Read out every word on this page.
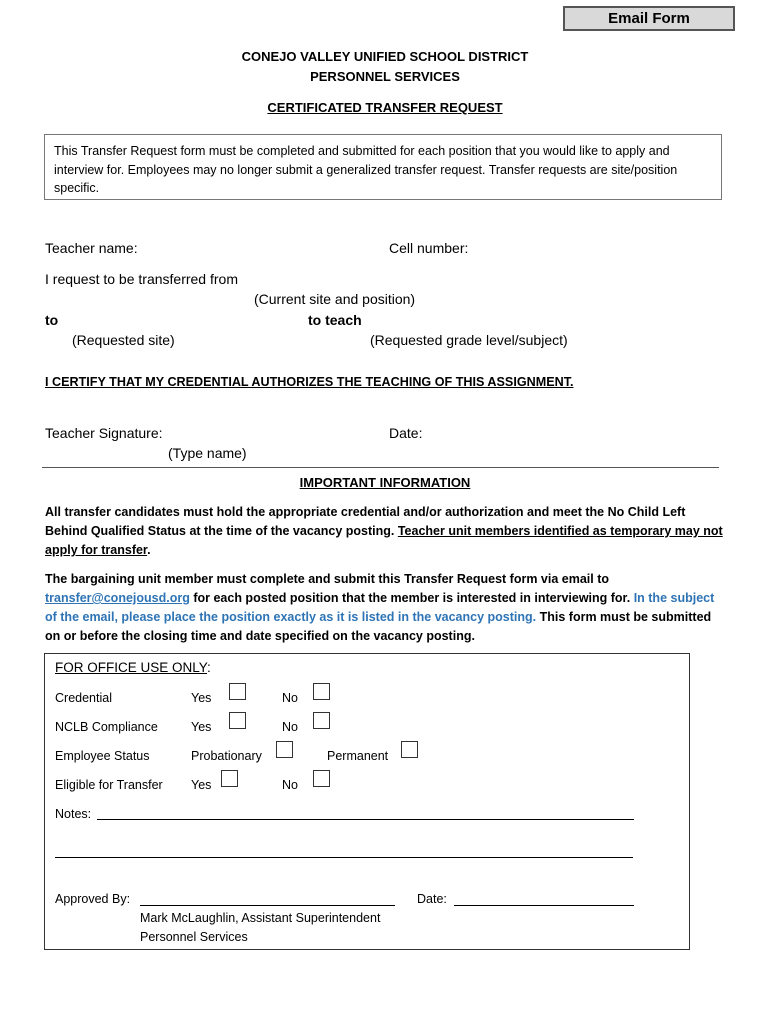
Email Form
CONEJO VALLEY UNIFIED SCHOOL DISTRICT
PERSONNEL SERVICES
CERTIFICATED TRANSFER REQUEST
This Transfer Request form must be completed and submitted for each position that you would like to apply and interview for. Employees may no longer submit a generalized transfer request. Transfer requests are site/position specific.
Teacher name:	Cell number:
I request to be transferred from
(Current site and position)
to	to teach
(Requested site)	(Requested grade level/subject)
I CERTIFY THAT MY CREDENTIAL AUTHORIZES THE TEACHING OF THIS ASSIGNMENT.
Teacher Signature:	Date:
(Type name)
IMPORTANT INFORMATION
All transfer candidates must hold the appropriate credential and/or authorization and meet the No Child Left Behind Qualified Status at the time of the vacancy posting. Teacher unit members identified as temporary may not apply for transfer.
The bargaining unit member must complete and submit this Transfer Request form via email to transfer@conejousd.org for each posted position that the member is interested in interviewing for. In the subject of the email, please place the position exactly as it is listed in the vacancy posting. This form must be submitted on or before the closing time and date specified on the vacancy posting.
FOR OFFICE USE ONLY:
Credential	Yes	No
NCLB Compliance	Yes	No
Employee Status	Probationary	Permanent
Eligible for Transfer Yes	No
Notes:
Approved By:	Date:
Mark McLaughlin, Assistant Superintendent
Personnel Services
